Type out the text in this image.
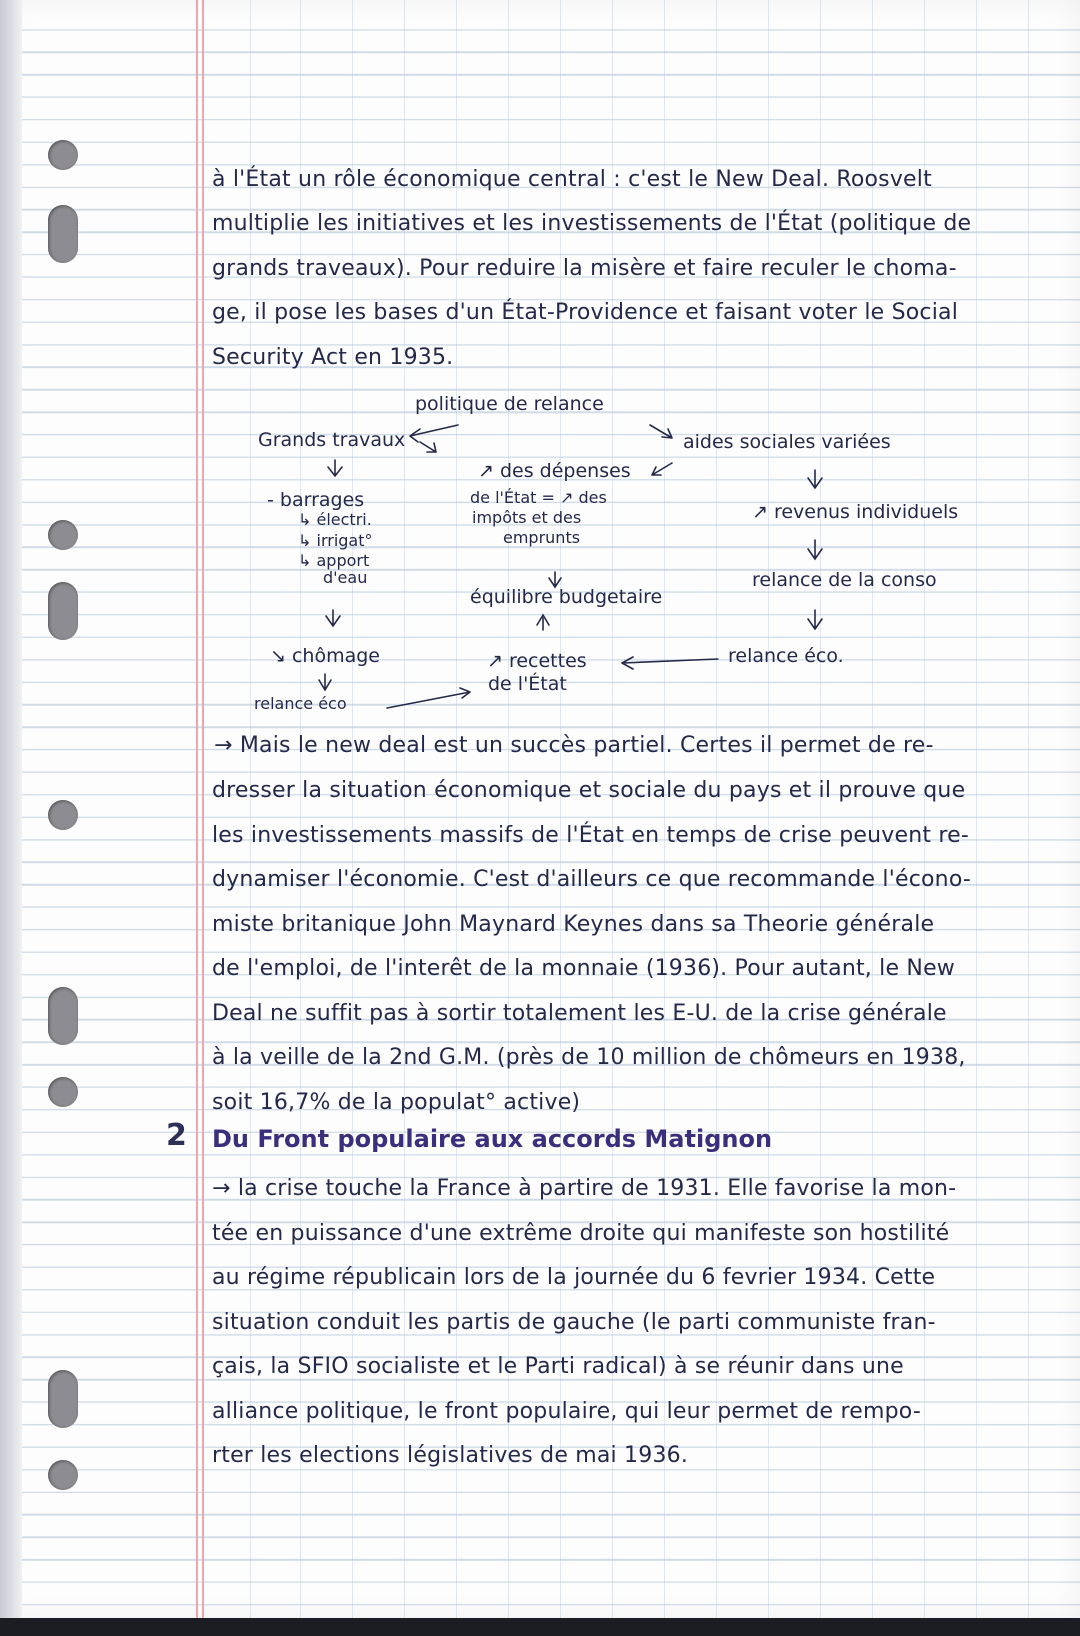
à l'État un rôle économique central : c'est le New Deal. Roosvelt
multiplie les initiatives et les investissements de l'État (politique de
grands traveaux). Pour reduire la misère et faire reculer le choma-
ge, il pose les bases d'un État-Providence et faisant voter le Social
Security Act en 1935.
politique de relance
Grands travaux
- barrages
↳ électri.
↳ irrigat°
↳ apport
d'eau
↘ chômage
relance éco
↗ des dépenses
de l'État = ↗ des
impôts et des
emprunts
équilibre budgetaire
↗ recettes
de l'État
aides sociales variées
↗ revenus individuels
relance de la conso
relance éco.
→ Mais le new deal est un succès partiel. Certes il permet de re-
dresser la situation économique et sociale du pays et il prouve que
les investissements massifs de l'État en temps de crise peuvent re-
dynamiser l'économie. C'est d'ailleurs ce que recommande l'écono-
miste britanique John Maynard Keynes dans sa Theorie générale
de l'emploi, de l'interêt de la monnaie (1936). Pour autant, le New
Deal ne suffit pas à sortir totalement les E-U. de la crise générale
à la veille de la 2nd G.M. (près de 10 million de chômeurs en 1938,
soit 16,7% de la populat° active)
2 Du Front populaire aux accords Matignon
→ la crise touche la France à partire de 1931. Elle favorise la mon-
tée en puissance d'une extrême droite qui manifeste son hostilité
au régime républicain lors de la journée du 6 fevrier 1934. Cette
situation conduit les partis de gauche (le parti communiste fran-
çais, la SFIO socialiste et le Parti radical) à se réunir dans une
alliance politique, le front populaire, qui leur permet de rempo-
rter les elections législatives de mai 1936.
